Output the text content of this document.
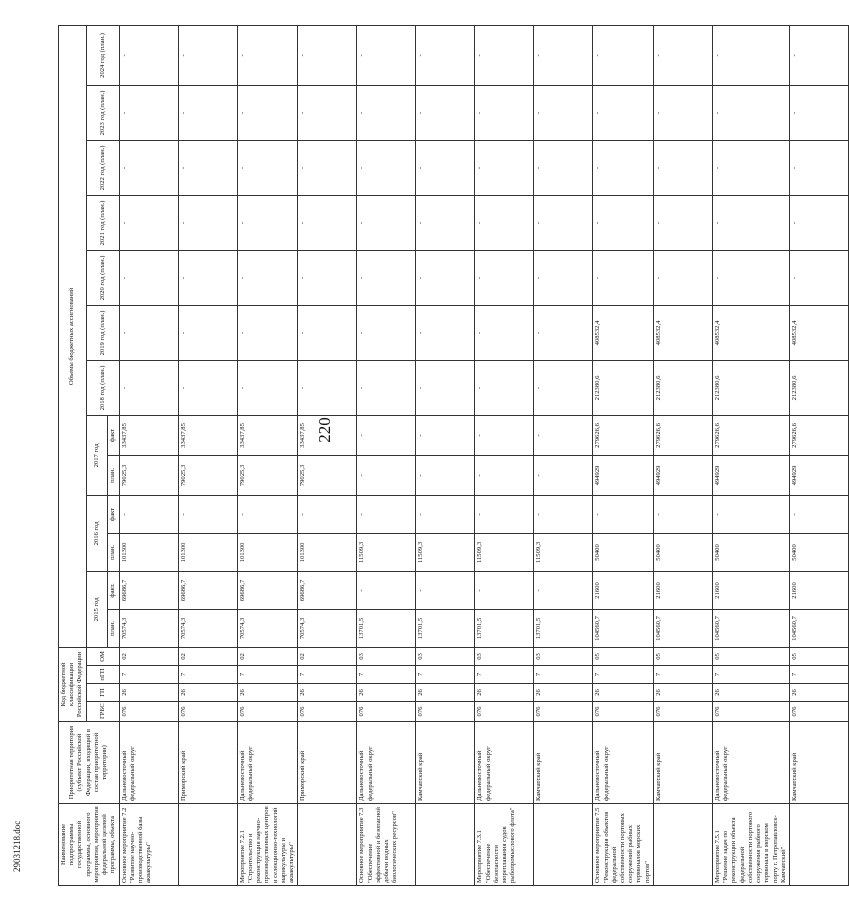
220
29031218.doc	Наименование подпрограммы государственной программы, основного мероприятия, мероприятия федеральной целевой программы, объекта	Приоритетная территория (субъект Российской Федерации, входящий в состав приоритетной территории)	Код бюджетной классификации Российской Федерации				Объемы бюджетных ассигнований												
		ГРБС	ГП	пГП	ОМ	2015 год		2016 год		2017 год		2018 год (план.)	2019 год (план.)	2020 год (план.)	2021 год (план.)	2022 год (план.)	2023 год (план.)	2024 год (план.)
						план.	факт.	план.	факт	план.	факт							
Основное мероприятие 7.2 "Развитие научно-производственной базы аквакультуры"	Дальневосточный федеральный округ	076	26	7	02	70574,3	69686,7	101300	-	79025,3	33437,85	-	-	-	-	-	-	-
	Приморский край	076	26	7	02	70574,3	69686,7	101300	-	79025,3	33437,85	-	-	-	-	-	-	-
Мероприятие 7.2.1 "Строительство и реконструкция научно-производственных центров и селекционно-технологий марикультуры и аквакультуры"	Дальневосточный федеральный округ	076	26	7	02	70574,3	69686,7	101300	-	79025,3	33437,85	-	-	-	-	-	-	-
	Приморский край	076	26	7	02	70574,3	69686,7	101300	-	79025,3	33437,85	-	-	-	-	-	-	-
Основное мероприятие 7.3 "Обеспечение эффективной и безопасной добычи водных биологических ресурсов"	Дальневосточный федеральный округ	076	26	7	03	13701,5	-	11509,3	-	-	-	-	-	-	-	-	-	-
	Камчатский край	076	26	7	03	13701,5	-	11509,3	-	-	-	-	-	-	-	-	-	-
Мероприятие 7.3.1 "Обеспечение безопасности мореплавания судов рыбопромыслового флота"	Дальневосточный федеральный округ	076	26	7	03	13701,5	-	11509,3	-	-	-	-	-	-	-	-	-	-
	Камчатский край	076	26	7	03	13701,5	-	11509,3	-	-	-	-	-	-	-	-	-	-
Основное мероприятие 7.5 "Реконструкция объектов федеральной собственности портовых сооружений рыбных терминалов морских портов"	Дальневосточный федеральный округ	076	26	7	05	104560,7	21600	50400	-	494929	279626,6	212380,6	408532,4	-	-	-	-	-
	Камчатский край	076	26	7	05	104560,7	21600	50400	-	494929	279626,6	212380,6	408532,4	-	-	-	-	-
Мероприятие 7.5.1 "Решение задач по реконструкции объекта федеральной собственности портового сооружения рыбного терминала в морском порту г. Петропавловск-Камчатский"	Дальневосточный федеральный округ	076	26	7	05	104560,7	21600	50400	-	494929	279626,6	212380,6	408532,4	-	-	-	-	-
	Камчатский край	076	26	7	05	104560,7	21600	50400	-	494929	279626,6	212380,6	408532,4	-	-	-	-	-
